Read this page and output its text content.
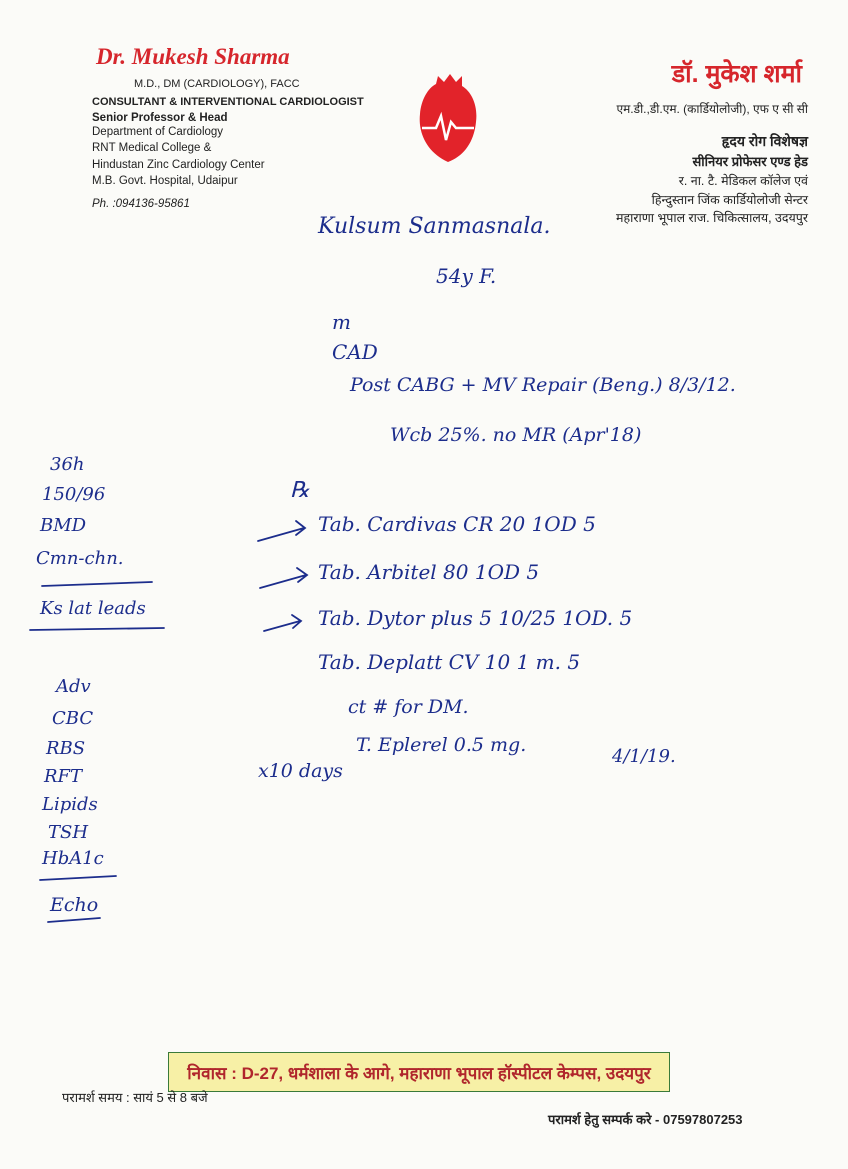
Dr. Mukesh Sharma
M.D., DM (CARDIOLOGY), FACC
CONSULTANT & INTERVENTIONAL CARDIOLOGIST
Senior Professor & Head
Department of Cardiology
RNT Medical College &
Hindustan Zinc Cardiology Center
M.B. Govt. Hospital, Udaipur
Ph. :094136-95861
डॉ. मुकेश शर्मा
एम.डी.,डी.एम. (कार्डियोलोजी), एफ ए सी सी
हृदय रोग विशेषज्ञ
सीनियर प्रोफेसर एण्ड हेड
र. ना. टै. मेडिकल कॉलेज एवं
हिन्दुस्तान जिंक कार्डियोलोजी सेन्टर
महाराणा भूपाल राज. चिकित्सालय, उदयपुर
Kulsum Sanmasnala.
54y F.
m
CAD
Post CABG + MV Repair (Beng.) 8/3/12.
Wcb 25%. no MR (Apr'18)
36h
150/96
BMD
Cmn-chn.
Ks lat leads
℞
Tab. Cardivas CR 20 1OD 5
Tab. Arbitel 80 1OD 5
Tab. Dytor plus 5 10/25 1OD. 5
Tab. Deplatt CV 10 1 m. 5
ct # for DM.
T. Eplerel 0.5 mg.
4/1/19.
x10 days
Adv
CBC
RBS
RFT
Lipids
TSH
HbA1c
Echo
निवास : D-27, धर्मशाला के आगे, महाराणा भूपाल हॉस्पीटल केम्पस, उदयपुर
परामर्श समय : सायं 5 से 8 बजे
परामर्श हेतु सम्पर्क करे - 07597807253
